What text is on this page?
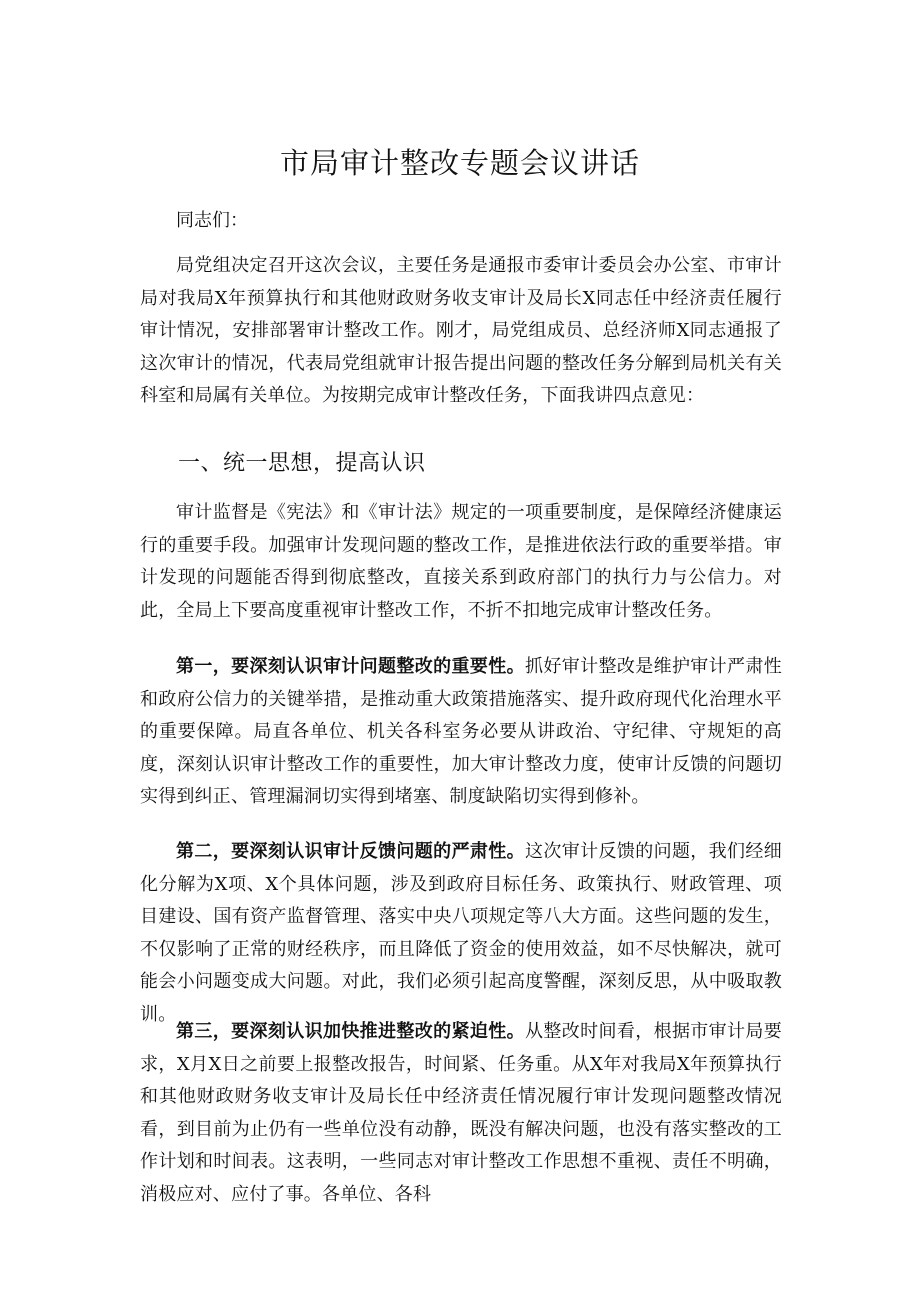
市局审计整改专题会议讲话

同志们：

局党组决定召开这次会议，主要任务是通报市委审计委员会办公室、市审计局对我局X年预算执行和其他财政财务收支审计及局长X同志任中经济责任履行审计情况，安排部署审计整改工作。刚才，局党组成员、总经济师X同志通报了这次审计的情况，代表局党组就审计报告提出问题的整改任务分解到局机关有关科室和局属有关单位。为按期完成审计整改任务，下面我讲四点意见：

一、统一思想，提高认识

审计监督是《宪法》和《审计法》规定的一项重要制度，是保障经济健康运行的重要手段。加强审计发现问题的整改工作，是推进依法行政的重要举措。审计发现的问题能否得到彻底整改，直接关系到政府部门的执行力与公信力。对此，全局上下要高度重视审计整改工作，不折不扣地完成审计整改任务。

第一，要深刻认识审计问题整改的重要性。抓好审计整改是维护审计严肃性和政府公信力的关键举措，是推动重大政策措施落实、提升政府现代化治理水平的重要保障。局直各单位、机关各科室务必要从讲政治、守纪律、守规矩的高度，深刻认识审计整改工作的重要性，加大审计整改力度，使审计反馈的问题切实得到纠正、管理漏洞切实得到堵塞、制度缺陷切实得到修补。

第二，要深刻认识审计反馈问题的严肃性。这次审计反馈的问题，我们经细化分解为X项、X个具体问题，涉及到政府目标任务、政策执行、财政管理、项目建设、国有资产监督管理、落实中央八项规定等八大方面。这些问题的发生，不仅影响了正常的财经秩序，而且降低了资金的使用效益，如不尽快解决，就可能会小问题变成大问题。对此，我们必须引起高度警醒，深刻反思，从中吸取教训。

第三，要深刻认识加快推进整改的紧迫性。从整改时间看，根据市审计局要求，X月X日之前要上报整改报告，时间紧、任务重。从X年对我局X年预算执行和其他财政财务收支审计及局长任中经济责任情况履行审计发现问题整改情况看，到目前为止仍有一些单位没有动静，既没有解决问题，也没有落实整改的工作计划和时间表。这表明，一些同志对审计整改工作思想不重视、责任不明确，消极应对、应付了事。各单位、各科
